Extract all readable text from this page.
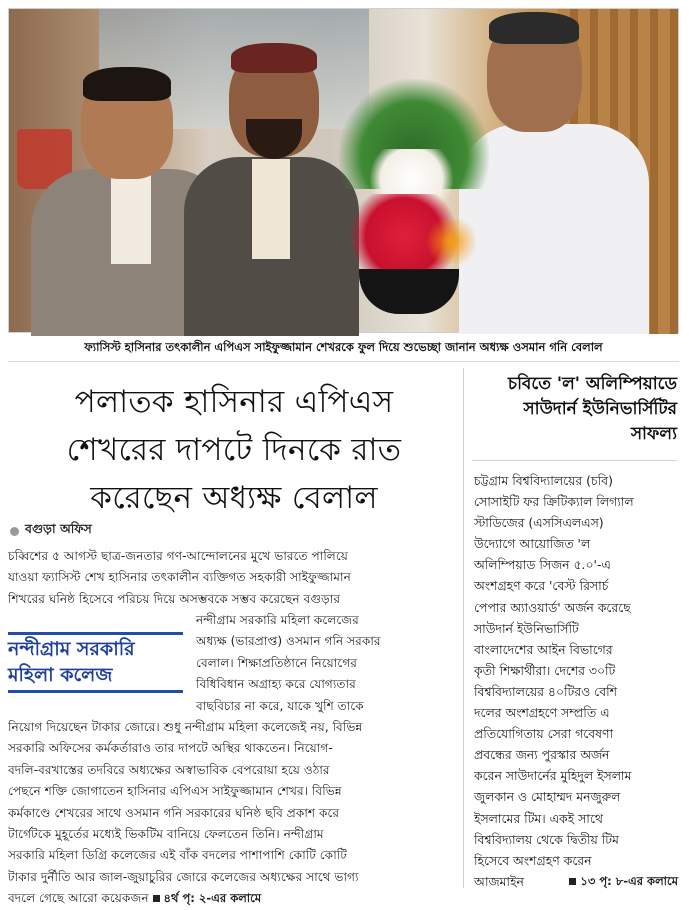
ফ্যাসিস্ট হাসিনার তৎকালীন এপিএস সাইফুজ্জামান শেখরকে ফুল দিয়ে শুভেচ্ছা জানান অধ্যক্ষ ওসমান গনি বেলাল
পলাতক হাসিনার এপিএস
শেখরের দাপটে দিনকে রাত
করেছেন অধ্যক্ষ বেলাল
বগুড়া অফিস
চব্বিশের ৫ আগস্ট ছাত্র-জনতার গণ-আন্দোলনের মুখে ভারতে পালিয়ে
যাওয়া ফ্যাসিস্ট শেখ হাসিনার তৎকালীন ব্যক্তিগত সহকারী সাইফুজ্জামান
শিখরের ঘনিষ্ঠ হিসেবে পরিচয় দিয়ে অসম্ভবকে সম্ভব করেছেন বগুড়ার
নন্দীগ্রাম সরকারি
মহিলা কলেজ
নন্দীগ্রাম সরকারি মহিলা কলেজের
অধ্যক্ষ (ভারপ্রাপ্ত) ওসমান গনি সরকার
বেলাল। শিক্ষাপ্রতিষ্ঠানে নিয়োগের
বিধিবিধান অগ্রাহ্য করে যোগ্যতার
বাছবিচার না করে, যাকে খুশি তাকে
নিয়োগ দিয়েছেন টাকার জোরে। শুধু নন্দীগ্রাম মহিলা কলেজেই নয়, বিভিন্ন
সরকারি অফিসের কর্মকর্তারাও তার দাপটে অস্থির থাকতেন। নিয়োগ-
বদলি-বরখাস্তের তদবিরে অধ্যক্ষের অস্বাভাবিক বেপরোয়া হয়ে ওঠার
পেছনে শক্তি জোগাতেন হাসিনার এপিএস সাইফুজ্জামান শেখর। বিভিন্ন
কর্মকাণ্ডে শেখরের সাথে ওসমান গনি সরকারের ঘনিষ্ঠ ছবি প্রকাশ করে
টার্গেটকে মুহূর্তের মধ্যেই ভিকটিম বানিয়ে ফেলতেন তিনি। নন্দীগ্রাম
সরকারি মহিলা ডিগ্রি কলেজের এই বাঁক বদলের পাশাপাশি কোটি কোটি
টাকার দুর্নীতি আর জাল-জুয়াচুরির জোরে কলেজের অধ্যক্ষের সাথে ভাগ্য
বদলে গেছে আরো কয়েকজন ৪র্থ পৃ: ২-এর কলামে
চবিতে 'ল' অলিম্পিয়াডে
সাউদার্ন ইউনিভার্সিটির
সাফল্য
চট্টগ্রাম বিশ্ববিদ্যালয়ের (চবি)
সোসাইটি ফর ক্রিটিক্যাল লিগ্যাল
স্টাডিজের (এসসিএলএস)
উদ্যোগে আয়োজিত 'ল
অলিম্পিয়াড সিজন ৫.০'-এ
অংশগ্রহণ করে 'বেস্ট রিসার্চ
পেপার অ্যাওয়ার্ড' অর্জন করেছে
সাউদার্ন ইউনিভার্সিটি
বাংলাদেশের আইন বিভাগের
কৃতী শিক্ষার্থীরা। দেশের ৩০টি
বিশ্ববিদ্যালয়ের ৪০টিরও বেশি
দলের অংশগ্রহণে সম্প্রতি এ
প্রতিযোগিতায় সেরা গবেষণা
প্রবন্ধের জন্য পুরস্কার অর্জন
করেন সাউদার্নের মুহিদুল ইসলাম
জুলকান ও মোহাম্মদ মনজুরুল
ইসলামের টিম। একই সাথে
বিশ্ববিদ্যালয় থেকে দ্বিতীয় টিম
হিসেবে অংশগ্রহণ করেন
আজমাইন	১৩ পৃ: ৮-এর কলামে
